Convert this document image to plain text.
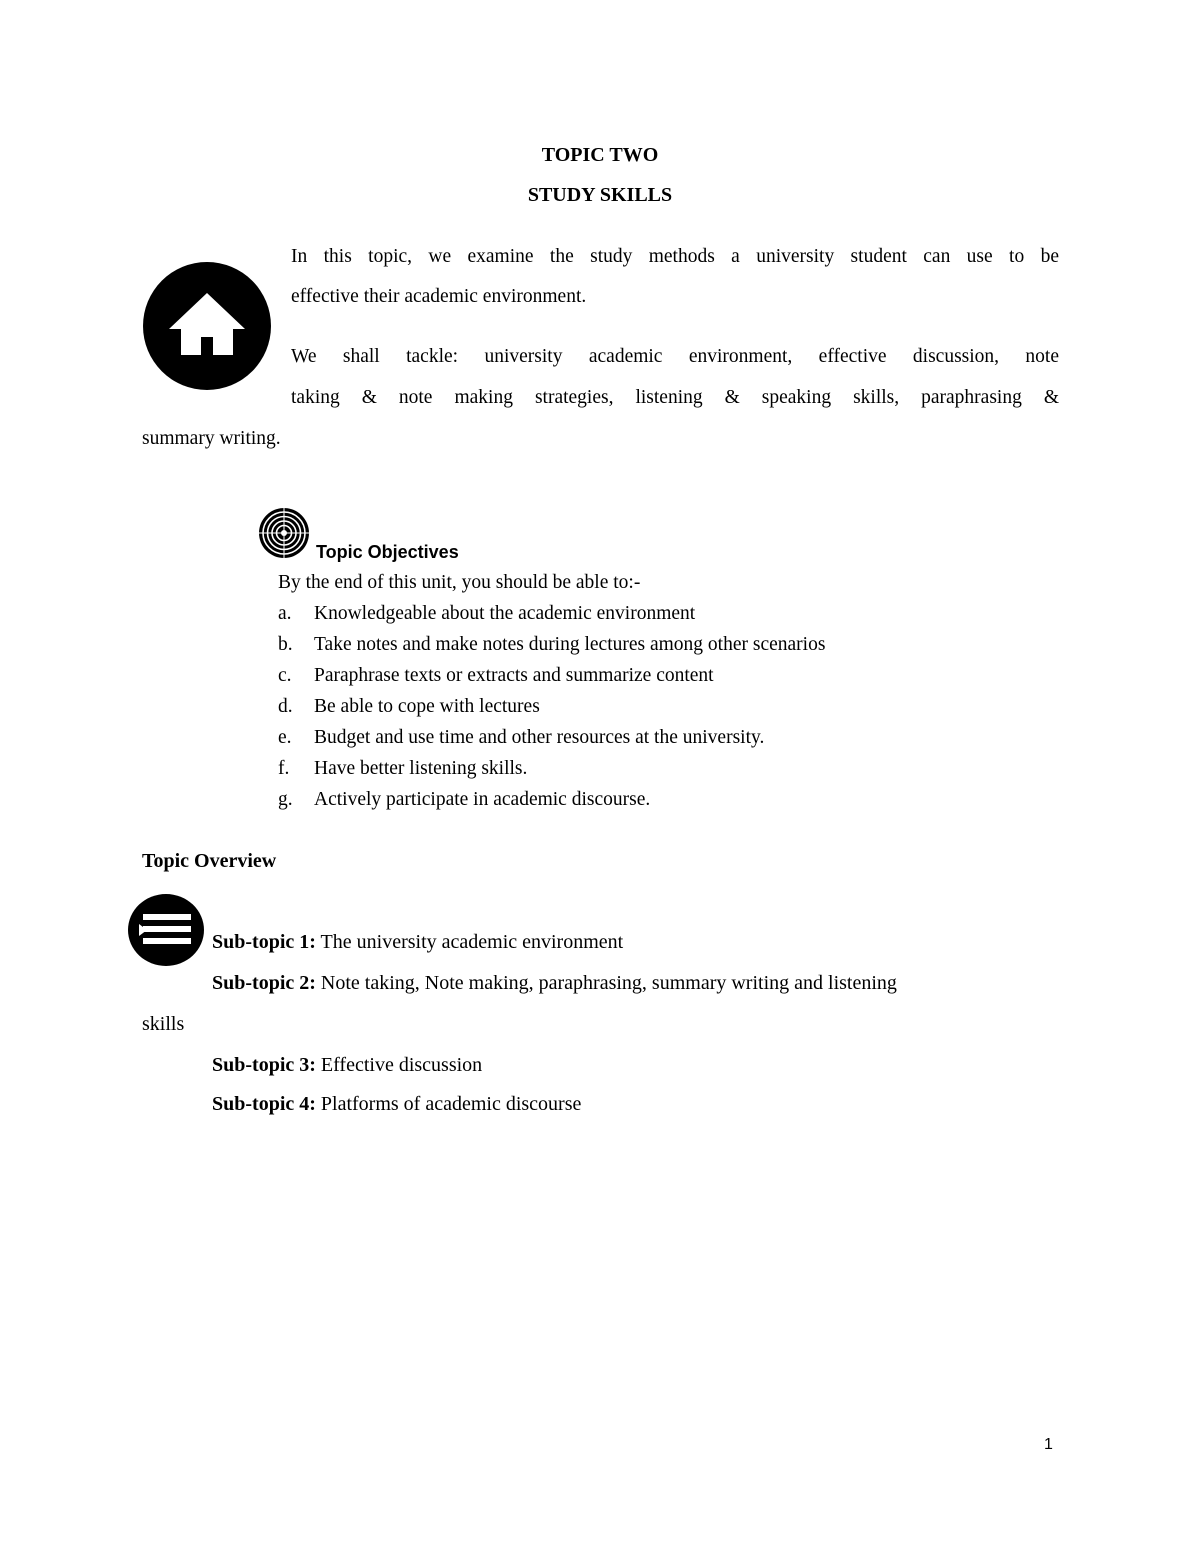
TOPIC TWO
STUDY SKILLS
In this topic, we examine the study methods a university student can use to be
effective their academic environment.
We shall tackle: university academic environment, effective discussion, note
taking & note making strategies, listening & speaking skills, paraphrasing &
summary writing.
Topic Objectives
By the end of this unit, you should be able to:-
a. Knowledgeable about the academic environment
b. Take notes and make notes during lectures among other scenarios
c. Paraphrase texts or extracts and summarize content
d. Be able to cope with lectures
e. Budget and use time and other resources at the university.
f. Have better listening skills.
g. Actively participate in academic discourse.
Topic Overview
Sub-topic 1: The university academic environment
Sub-topic 2: Note taking, Note making, paraphrasing, summary writing and listening
skills
Sub-topic 3: Effective discussion
Sub-topic 4: Platforms of academic discourse
1
